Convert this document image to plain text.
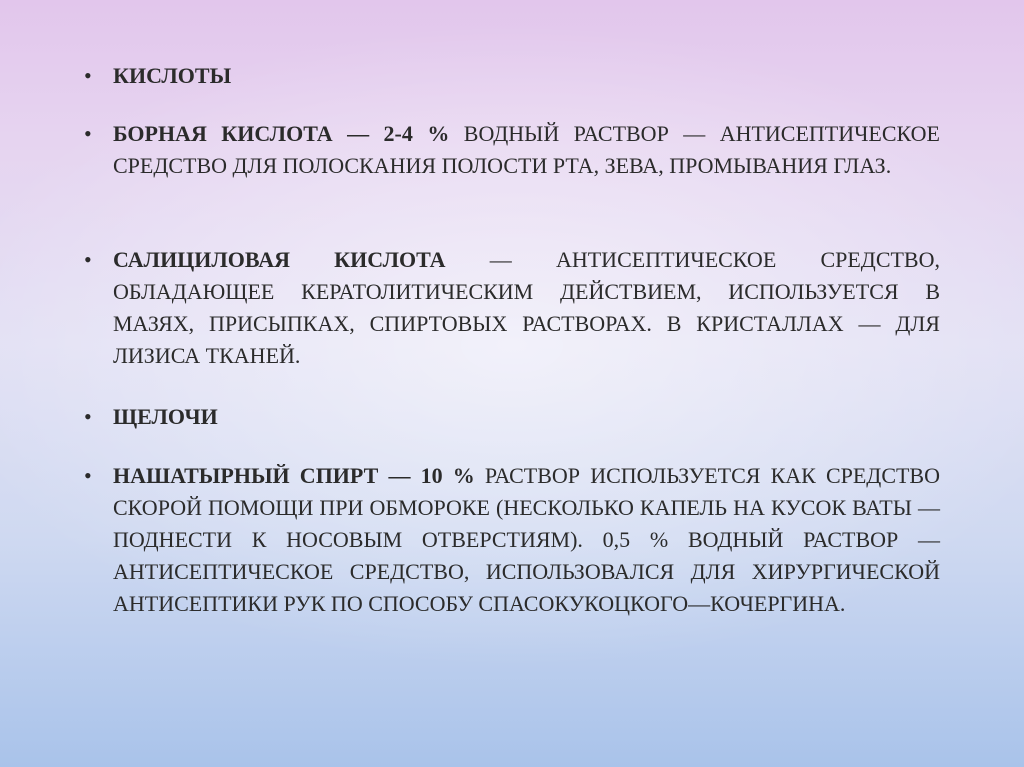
• КИСЛОТЫ
• БОРНАЯ КИСЛОТА — 2-4 % ВОДНЫЙ РАСТВОР — АНТИСЕПТИЧЕСКОЕ СРЕДСТВО ДЛЯ ПОЛОСКАНИЯ ПОЛОСТИ РТА, ЗЕВА, ПРОМЫВАНИЯ ГЛАЗ.
• САЛИЦИЛОВАЯ КИСЛОТА — АНТИСЕПТИЧЕСКОЕ СРЕДСТВО, ОБЛАДАЮЩЕЕ КЕРАТОЛИТИЧЕСКИМ ДЕЙСТВИЕМ, ИСПОЛЬЗУЕТСЯ В МАЗЯХ, ПРИСЫПКАХ, СПИРТОВЫХ РАСТВОРАХ. В КРИСТАЛЛАХ — ДЛЯ ЛИЗИСА ТКАНЕЙ.
• ЩЕЛОЧИ
• НАШАТЫРНЫЙ СПИРТ — 10 % РАСТВОР ИСПОЛЬЗУЕТСЯ КАК СРЕДСТВО СКОРОЙ ПОМОЩИ ПРИ ОБМОРОКЕ (НЕСКОЛЬКО КАПЕЛЬ НА КУСОК ВАТЫ — ПОДНЕСТИ К НОСОВЫМ ОТВЕРСТИЯМ). 0,5 % ВОДНЫЙ РАСТВОР — АНТИСЕПТИЧЕСКОЕ СРЕДСТВО, ИСПОЛЬЗОВАЛСЯ ДЛЯ ХИРУРГИЧЕСКОЙ АНТИСЕПТИКИ РУК ПО СПОСОБУ СПАСОКУКОЦКОГО—КОЧЕРГИНА.
